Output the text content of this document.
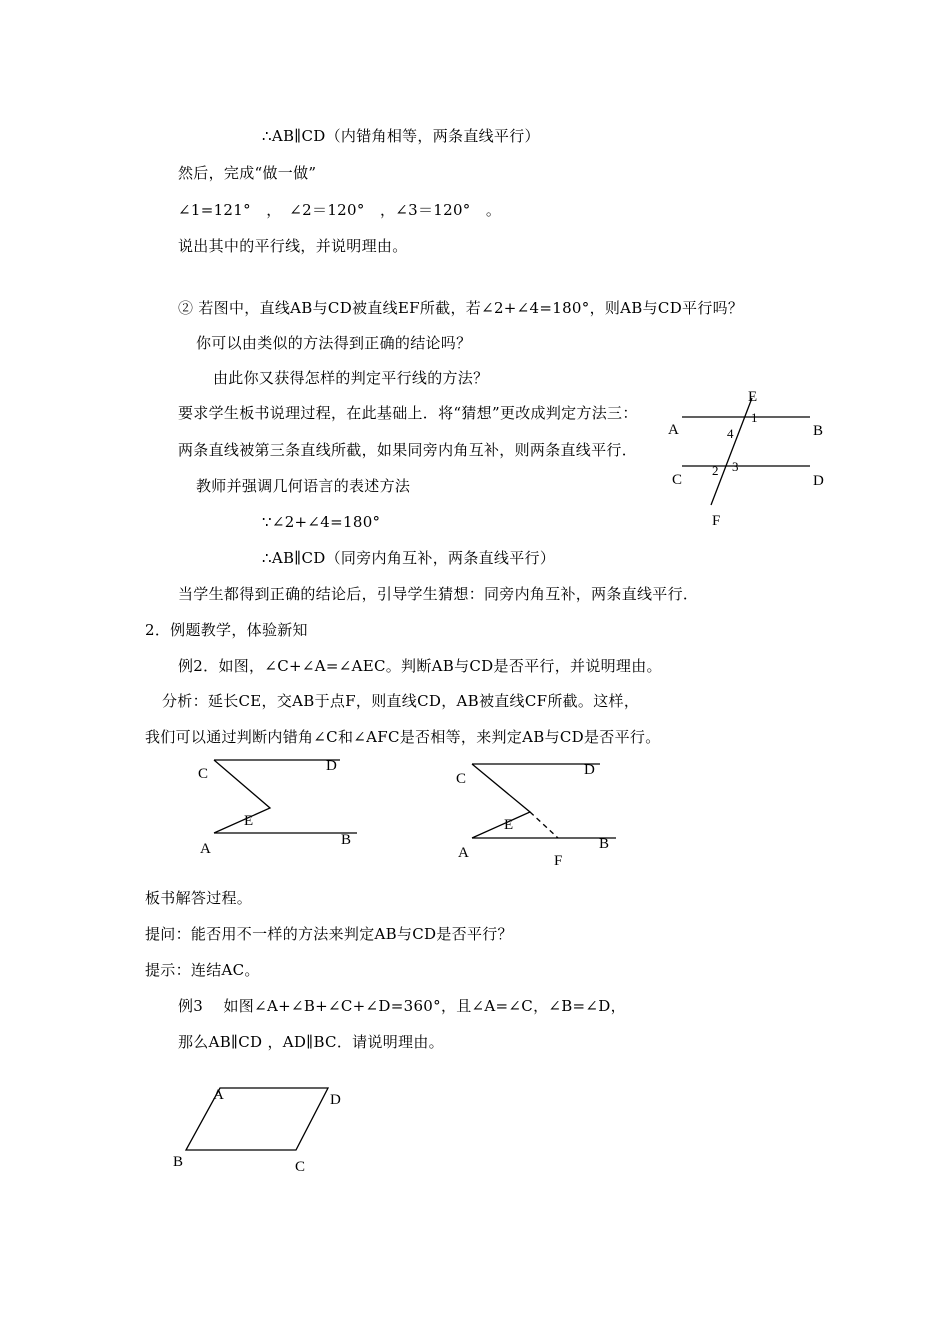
∴AB∥CD（内错角相等，两条直线平行）
然后，完成“做一做”
∠1=121°　，　∠2＝120°　，∠3＝120°　。
说出其中的平行线，并说明理由。
② 若图中，直线AB与CD被直线EF所截，若∠2+∠4=180°，则AB与CD平行吗？
你可以由类似的方法得到正确的结论吗？
由此你又获得怎样的判定平行线的方法？
要求学生板书说理过程，在此基础上．将“猜想”更改成判定方法三：
两条直线被第三条直线所截，如果同旁内角互补，则两条直线平行．
教师并强调几何语言的表述方法
∵∠2+∠4=180°
∴AB∥CD（同旁内角互补，两条直线平行）
当学生都得到正确的结论后，引导学生猜想：同旁内角互补，两条直线平行．
2．例题教学，体验新知
例2．如图，∠C+∠A=∠AEC。判断AB与CD是否平行，并说明理由。
分析：延长CE，交AB于点F，则直线CD，AB被直线CF所截。这样，
我们可以通过判断内错角∠C和∠AFC是否相等，来判定AB与CD是否平行。
板书解答过程。
提问：能否用不一样的方法来判定AB与CD是否平行？
提示：连结AC。
例3　 如图∠A+∠B+∠C+∠D=360°，且∠A=∠C，∠B=∠D，
那么AB∥CD ，AD∥BC．请说明理由。
E
A	B
C	D
F
1
4
2 3
C	D
E
A
B
C
D
E
A
B
F
A	D
B	C
